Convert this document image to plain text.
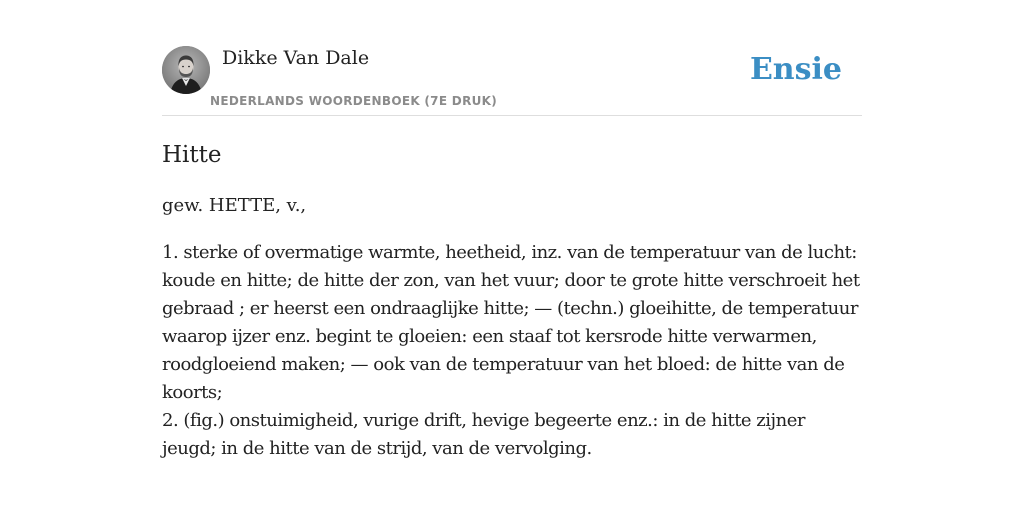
Dikke Van Dale
NEDERLANDS WOORDENBOEK (7E DRUK)
Ensie
Hitte
gew. HETTE, v.,

1. sterke of overmatige warmte, heetheid, inz. van de temperatuur van de lucht: koude en hitte; de hitte der zon, van het vuur; door te grote hitte verschroeit het gebraad ; er heerst een ondraaglijke hitte; — (techn.) gloeihitte, de temperatuur waarop ijzer enz. begint te gloeien: een staaf tot kersrode hitte verwarmen, roodgloeiend maken; — ook van de temperatuur van het bloed: de hitte van de koorts;

2. (fig.) onstuimigheid, vurige drift, hevige begeerte enz.: in de hitte zijner jeugd; in de hitte van de strijd, van de vervolging.
